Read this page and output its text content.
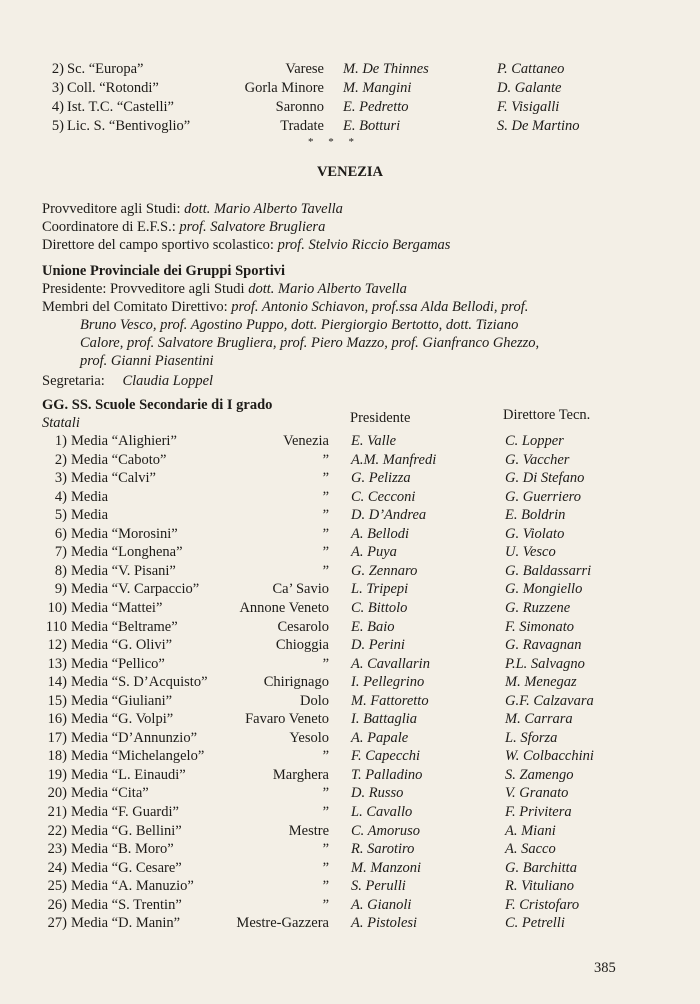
2) Sc. “Europa”	Varese M. De Thinnes	P. Cattaneo
3) Coll. “Rotondi”	Gorla Minore M. Mangini	D. Galante
4) Ist. T.C. “Castelli”	Saronno E. Pedretto	F. Visigalli
5) Lic. S. “Bentivoglio”	Tradate E. Botturi	S. De Martino
* * *
VENEZIA
Provveditore agli Studi: dott. Mario Alberto Tavella
Coordinatore di E.F.S.: prof. Salvatore Brugliera
Direttore del campo sportivo scolastico: prof. Stelvio Riccio Bergamas
Unione Provinciale dei Gruppi Sportivi
Presidente: Provveditore agli Studi dott. Mario Alberto Tavella
Membri del Comitato Direttivo: prof. Antonio Schiavon, prof.ssa Alda Bellodi, prof.
Bruno Vesco, prof. Agostino Puppo, dott. Piergiorgio Bertotto, dott. Tiziano
Calore, prof. Salvatore Brugliera, prof. Piero Mazzo, prof. Gianfranco Ghezzo,
prof. Gianni Piasentini
Segretaria: Claudia Loppel
GG. SS. Scuole Secondarie di I grado
Statali	Presidente	Direttore Tecn.
1) Media “Alighieri”	Venezia E. Valle	C. Lopper
2) Media “Caboto”	” A.M. Manfredi	G. Vaccher
3) Media “Calvi”	” G. Pelizza	G. Di Stefano
4) Media	” C. Cecconi	G. Guerriero
5) Media	” D. D’Andrea	E. Boldrin
6) Media “Morosini”	” A. Bellodi	G. Violato
7) Media “Longhena”	” A. Puya	U. Vesco
8) Media “V. Pisani”	” G. Zennaro	G. Baldassarri
9) Media “V. Carpaccio”	Ca’ Savio L. Tripepi	G. Mongiello
10) Media “Mattei”	Annone Veneto C. Bittolo	G. Ruzzene
110 Media “Beltrame”	Cesarolo E. Baio	F. Simonato
12) Media “G. Olivi”	Chioggia D. Perini	G. Ravagnan
13) Media “Pellico”	” A. Cavallarin	P.L. Salvagno
14) Media “S. D’Acquisto”	Chirignago I. Pellegrino	M. Menegaz
15) Media “Giuliani”	Dolo M. Fattoretto	G.F. Calzavara
16) Media “G. Volpi”	Favaro Veneto I. Battaglia	M. Carrara
17) Media “D’Annunzio”	Yesolo A. Papale	L. Sforza
18) Media “Michelangelo”	” F. Capecchi	W. Colbacchini
19) Media “L. Einaudi”	Marghera T. Palladino	S. Zamengo
20) Media “Cita”	” D. Russo	V. Granato
21) Media “F. Guardi”	” L. Cavallo	F. Privitera
22) Media “G. Bellini”	Mestre C. Amoruso	A. Miani
23) Media “B. Moro”	” R. Sarotiro	A. Sacco
24) Media “G. Cesare”	” M. Manzoni	G. Barchitta
25) Media “A. Manuzio”	” S. Perulli	R. Vituliano
26) Media “S. Trentin”	” A. Gianoli	F. Cristofaro
27) Media “D. Manin”	Mestre-Gazzera A. Pistolesi	C. Petrelli
385
